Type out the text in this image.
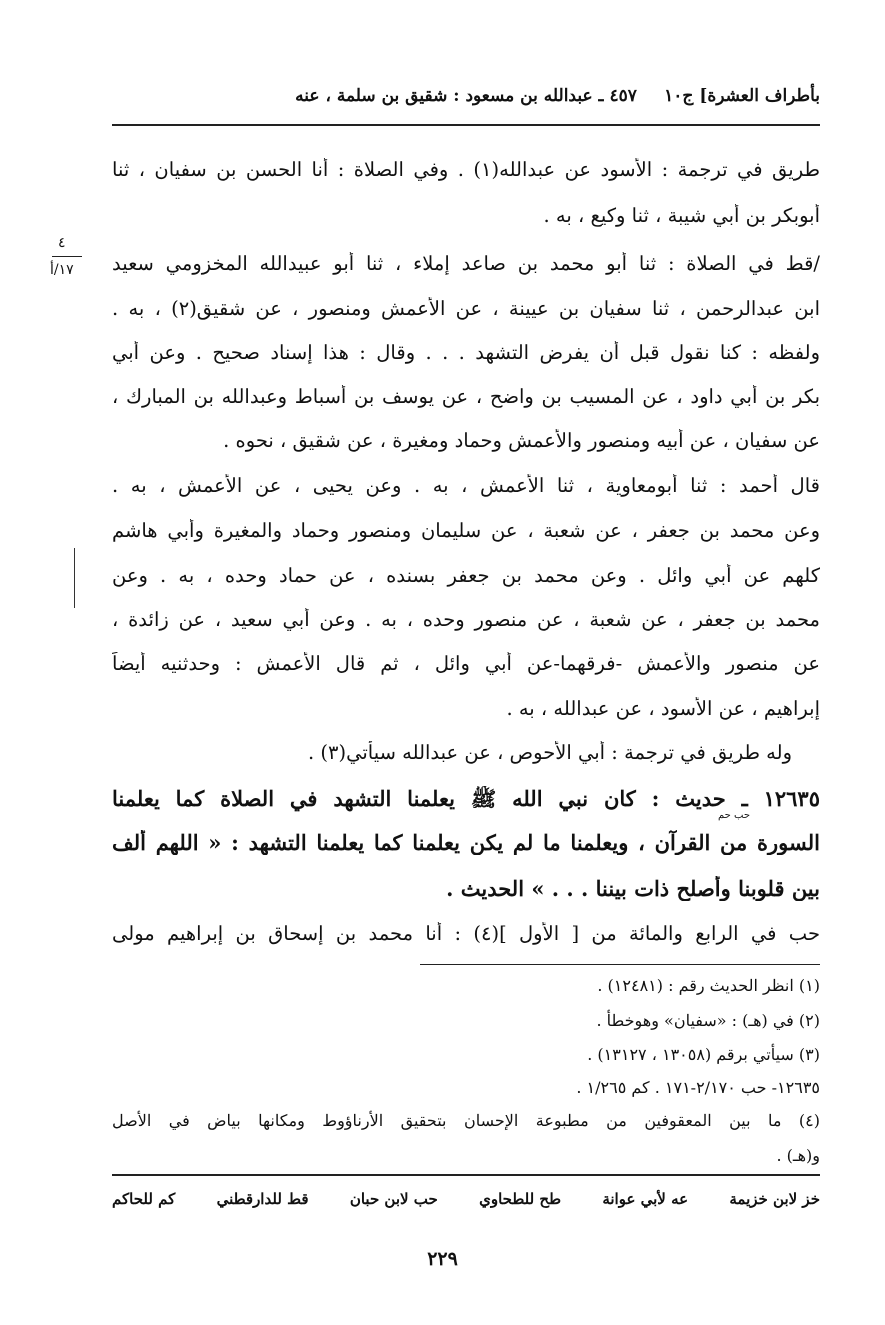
بأطراف العشرة] ج١٠
٤٥٧ ـ عبدالله بن مسعود : شقيق بن سلمة ، عنه
٤
١٧/أ
طريق في ترجمة : الأسود عن عبدالله(١) . وفي الصلاة : أنا الحسن بن سفيان ، ثنا
أبوبكر بن أبي شيبة ، ثنا وكيع ، به .
/قط في الصلاة : ثنا أبو محمد بن صاعد إملاء ، ثنا أبو عبيدالله المخزومي سعيد
ابن عبدالرحمن ، ثنا سفيان بن عيينة ، عن الأعمش ومنصور ، عن شقيق(٢) ، به .
ولفظه : كنا نقول قبل أن يفرض التشهد . . . وقال : هذا إسناد صحيح . وعن أبي
بكر بن أبي داود ، عن المسيب بن واضح ، عن يوسف بن أسباط وعبدالله بن المبارك ،
عن سفيان ، عن أبيه ومنصور والأعمش وحماد ومغيرة ، عن شقيق ، نحوه .
قال أحمد : ثنا أبومعاوية ، ثنا الأعمش ، به . وعن يحيى ، عن الأعمش ، به .
وعن محمد بن جعفر ، عن شعبة ، عن سليمان ومنصور وحماد والمغيرة وأبي هاشم
كلهم عن أبي وائل . وعن محمد بن جعفر بسنده ، عن حماد وحده ، به . وعن
محمد بن جعفر ، عن شعبة ، عن منصور وحده ، به . وعن أبي سعيد ، عن زائدة ،
عن منصور والأعمش -فرقهما-عن أبي وائل ، ثم قال الأعمش : وحدثنيه أيضاً
إبراهيم ، عن الأسود ، عن عبدالله ، به .
وله طريق في ترجمة : أبي الأحوص ، عن عبدالله سيأتي(٣) .
١٢٦٣٥ ـ حديث : كان نبي الله ﷺ يعلمنا التشهد في الصلاة كما يعلمنا
حب حم
السورة من القرآن ، ويعلمنا ما لم يكن يعلمنا كما يعلمنا التشهد : « اللهم ألف
بين قلوبنا وأصلح ذات بيننا . . . » الحديث .
حب في الرابع والمائة من [ الأول ](٤) : أنا محمد بن إسحاق بن إبراهيم مولى
(١) انظر الحديث رقم : (١٢٤٨١) .
(٢) في (هـ) : «سفيان» وهوخطأ .
(٣) سيأتي برقم (١٣٠٥٨ ، ١٣١٢٧) .
١٢٦٣٥- حب ٢/١٧٠-١٧١ . كم ١/٢٦٥ .
(٤) ما بين المعقوفين من مطبوعة الإحسان بتحقيق الأرناؤوط ومكانها بياض في الأصل
و(هـ) .
خز لابن خزيمة
عه لأبي عوانة
طح للطحاوي
حب لابن حبان
قط للدارقطني
كم للحاكم
٢٢٩
